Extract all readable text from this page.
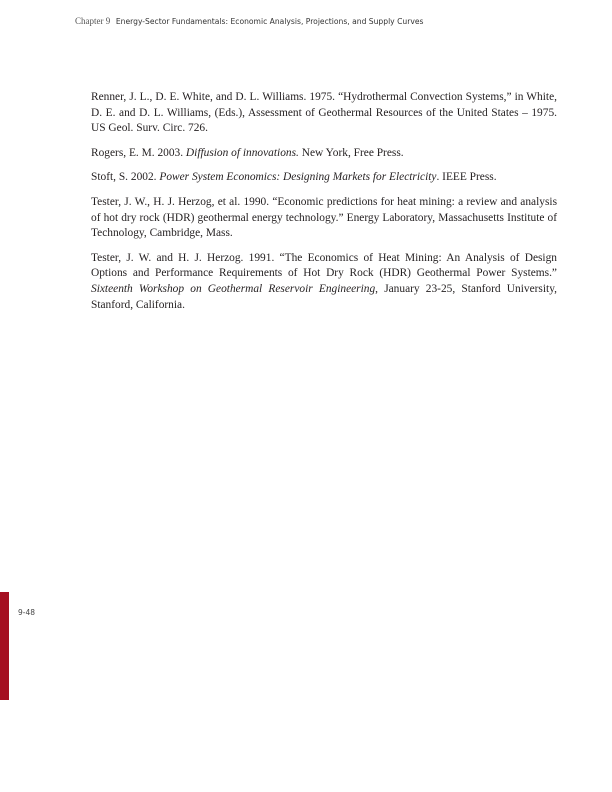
Chapter 9 Energy-Sector Fundamentals: Economic Analysis, Projections, and Supply Curves

Renner, J. L., D. E. White, and D. L. Williams. 1975. “Hydrothermal Convection Systems,” in White, D. E. and D. L. Williams, (Eds.), Assessment of Geothermal Resources of the United States – 1975. US Geol. Surv. Circ. 726.

Rogers, E. M. 2003. Diffusion of innovations. New York, Free Press.

Stoft, S. 2002. Power System Economics: Designing Markets for Electricity. IEEE Press.

Tester, J. W., H. J. Herzog, et al. 1990. “Economic predictions for heat mining: a review and analysis of hot dry rock (HDR) geothermal energy technology.” Energy Laboratory, Massachusetts Institute of Technology, Cambridge, Mass.

Tester, J. W. and H. J. Herzog. 1991. “The Economics of Heat Mining: An Analysis of Design Options and Performance Requirements of Hot Dry Rock (HDR) Geothermal Power Systems.” Sixteenth Workshop on Geothermal Reservoir Engineering, January 23-25, Stanford University, Stanford, California.

9-48
